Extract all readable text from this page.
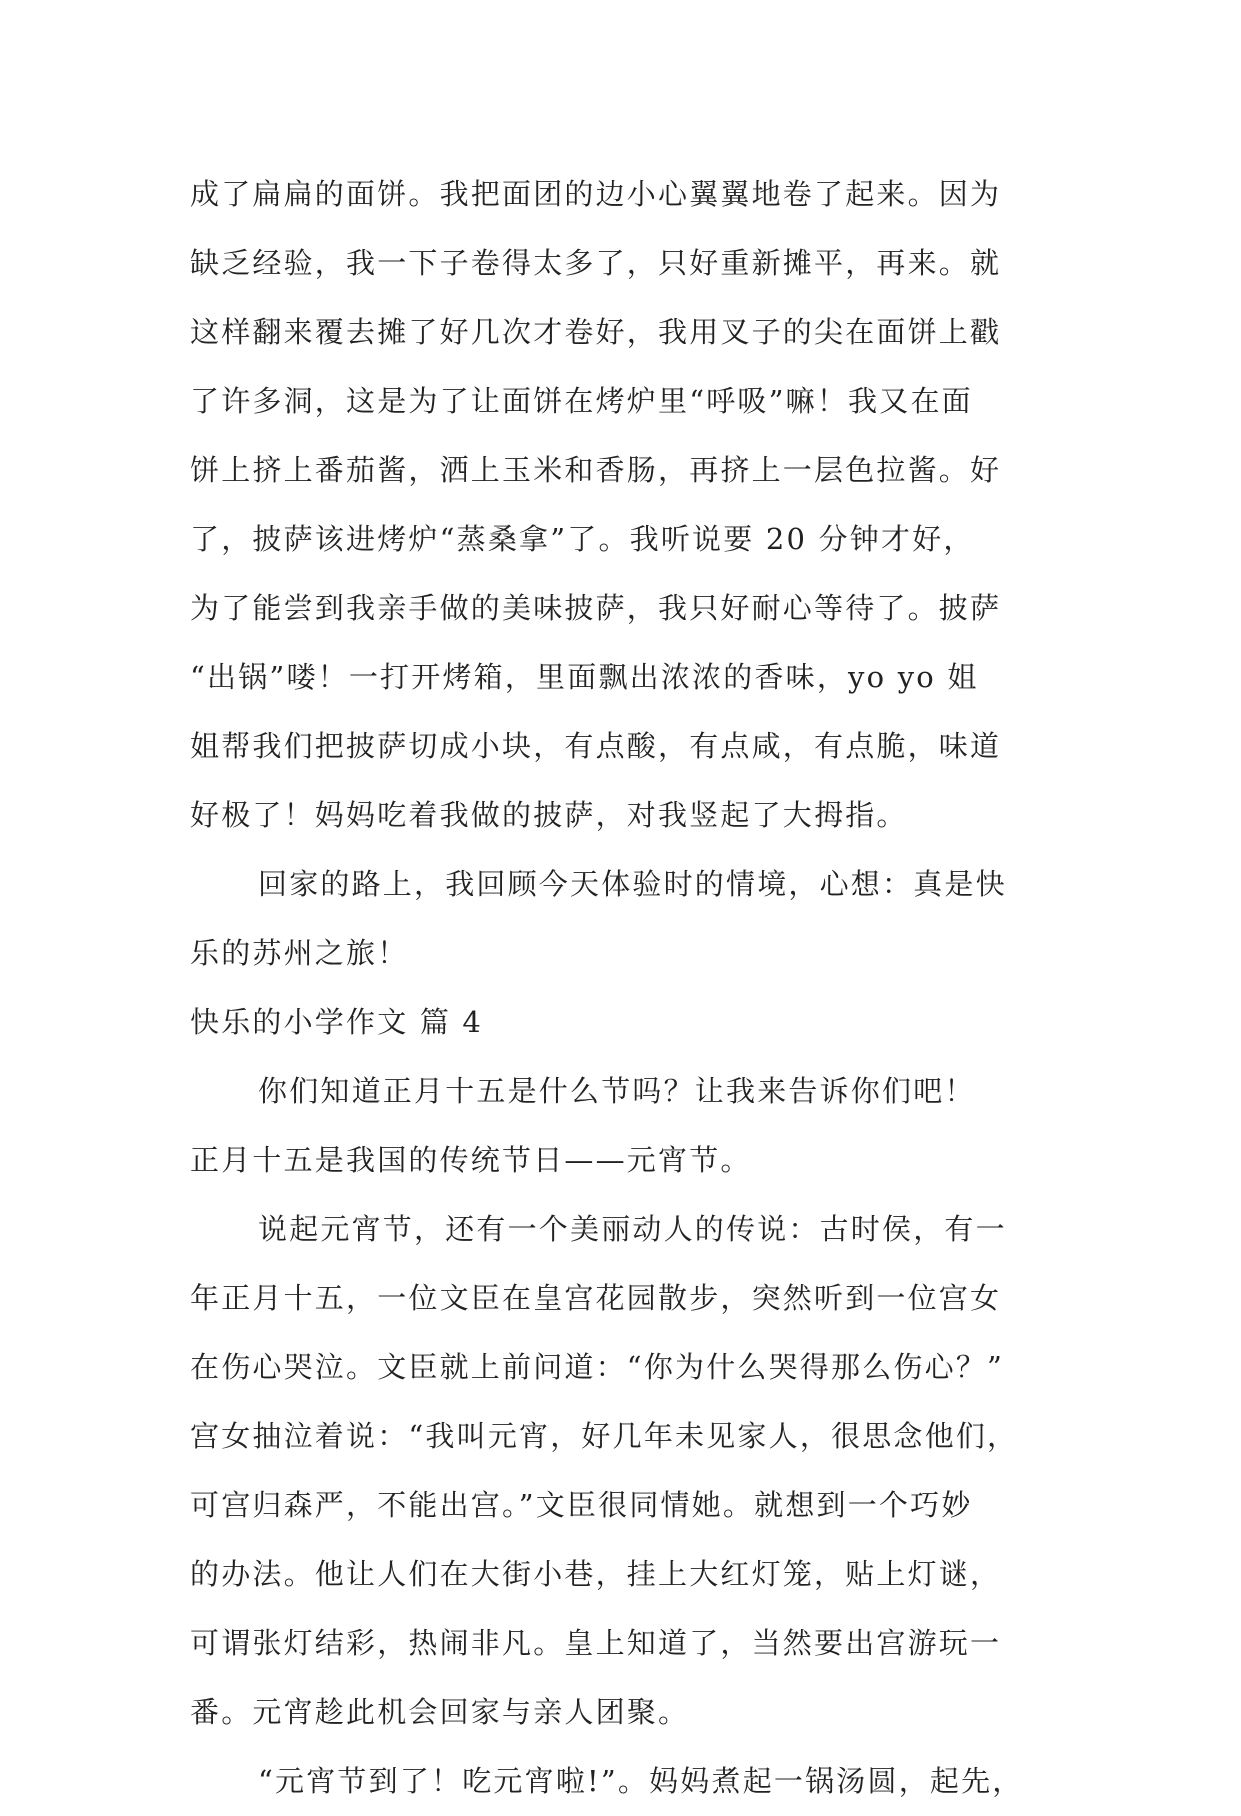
成了扁扁的面饼。我把面团的边小心翼翼地卷了起来。因为
缺乏经验，我一下子卷得太多了，只好重新摊平，再来。就
这样翻来覆去摊了好几次才卷好，我用叉子的尖在面饼上戳
了许多洞，这是为了让面饼在烤炉里“呼吸”嘛！我又在面
饼上挤上番茄酱，洒上玉米和香肠，再挤上一层色拉酱。好
了，披萨该进烤炉“蒸桑拿”了。我听说要 20 分钟才好，
为了能尝到我亲手做的美味披萨，我只好耐心等待了。披萨
“出锅”喽！一打开烤箱，里面飘出浓浓的香味，yo yo 姐
姐帮我们把披萨切成小块，有点酸，有点咸，有点脆，味道
好极了！妈妈吃着我做的披萨，对我竖起了大拇指。
回家的路上，我回顾今天体验时的情境，心想：真是快
乐的苏州之旅！
快乐的小学作文 篇 4
你们知道正月十五是什么节吗？让我来告诉你们吧！
正月十五是我国的传统节日——元宵节。
说起元宵节，还有一个美丽动人的传说：古时侯，有一
年正月十五，一位文臣在皇宫花园散步，突然听到一位宫女
在伤心哭泣。文臣就上前问道：“你为什么哭得那么伤心？”
宫女抽泣着说：“我叫元宵，好几年未见家人，很思念他们，
可宫归森严，不能出宫。”文臣很同情她。就想到一个巧妙
的办法。他让人们在大街小巷，挂上大红灯笼，贴上灯谜，
可谓张灯结彩，热闹非凡。皇上知道了，当然要出宫游玩一
番。元宵趁此机会回家与亲人团聚。
“元宵节到了！吃元宵啦!”。妈妈煮起一锅汤圆，起先，
